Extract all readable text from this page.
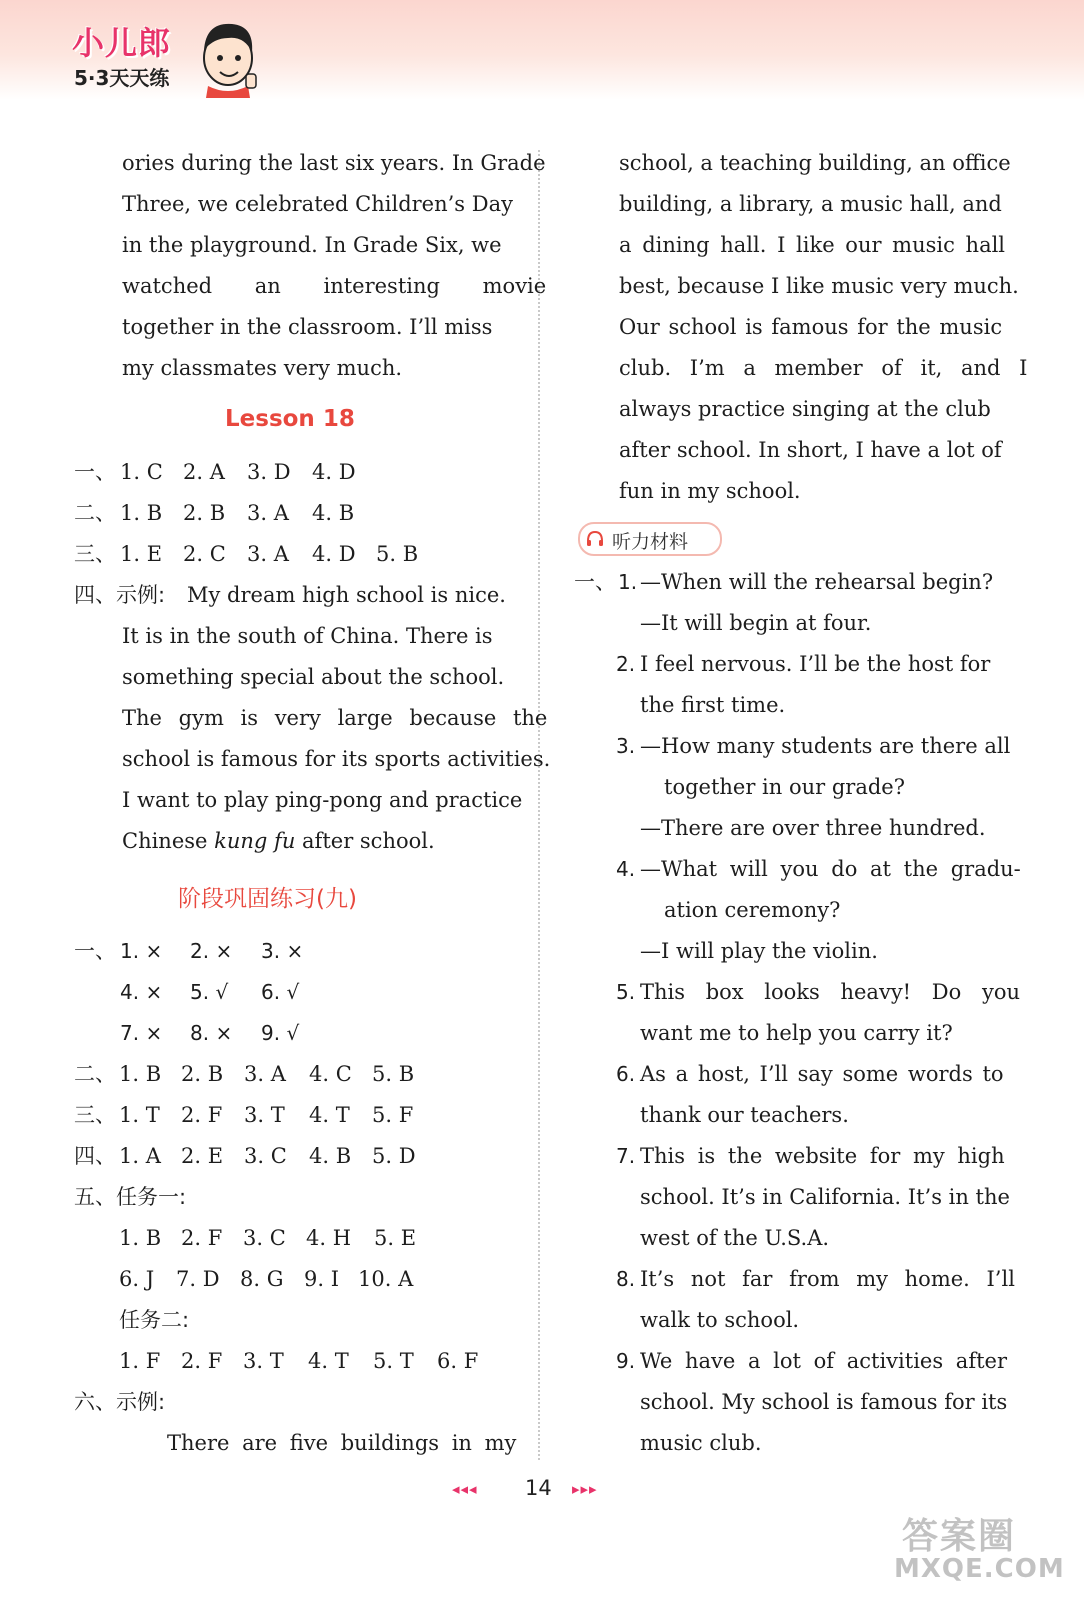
小儿郎
5·3天天练
ories during the last six years. In Grade
Three, we celebrated Children’s Day
in the playground. In Grade Six, we
watched an interesting movie
together in the classroom. I’ll miss
my classmates very much.
Lesson 18
一、 1. C 2. A 3. D 4. D
二、 1. B 2. B 3. A 4. B
三、 1. E 2. C 3. A 4. D 5. B
四、示例: My dream high school is nice.
It is in the south of China. There is
something special about the school.
The gym is very large because the
school is famous for its sports activities.
I want to play ping-pong and practice
Chinese kung fu after school.
阶段巩固练习(九)
一、 1. × 2. × 3. ×
4. × 5. √ 6. √
7. × 8. × 9. √
二、 1. B 2. B 3. A 4. C 5. B
三、 1. T 2. F 3. T 4. T 5. F
四、 1. A 2. E 3. C 4. B 5. D
五、任务一:
1. B 2. F 3. C 4. H 5. E
6. J 7. D 8. G 9. I 10. A
任务二:
1. F 2. F 3. T 4. T 5. T 6. F
六、示例:
There are five buildings in my
school, a teaching building, an office
building, a library, a music hall, and
a dining hall. I like our music hall
best, because I like music very much.
Our school is famous for the music
club. I’m a member of it, and I
always practice singing at the club
after school. In short, I have a lot of
fun in my school.
听力材料
一、 1. —When will the rehearsal begin?
—It will begin at four.
2. I feel nervous. I’ll be the host for
the first time.
3. —How many students are there all
together in our grade?
—There are over three hundred.
4. —What will you do at the gradu-
ation ceremony?
—I will play the violin.
5. This box looks heavy! Do you
want me to help you carry it?
6. As a host, I’ll say some words to
thank our teachers.
7. This is the website for my high
school. It’s in California. It’s in the
west of the U.S.A.
8. It’s not far from my home. I’ll
walk to school.
9. We have a lot of activities after
school. My school is famous for its
music club.
◂◂◂ 14 ▸▸▸
答案圈
MXQE.COM
